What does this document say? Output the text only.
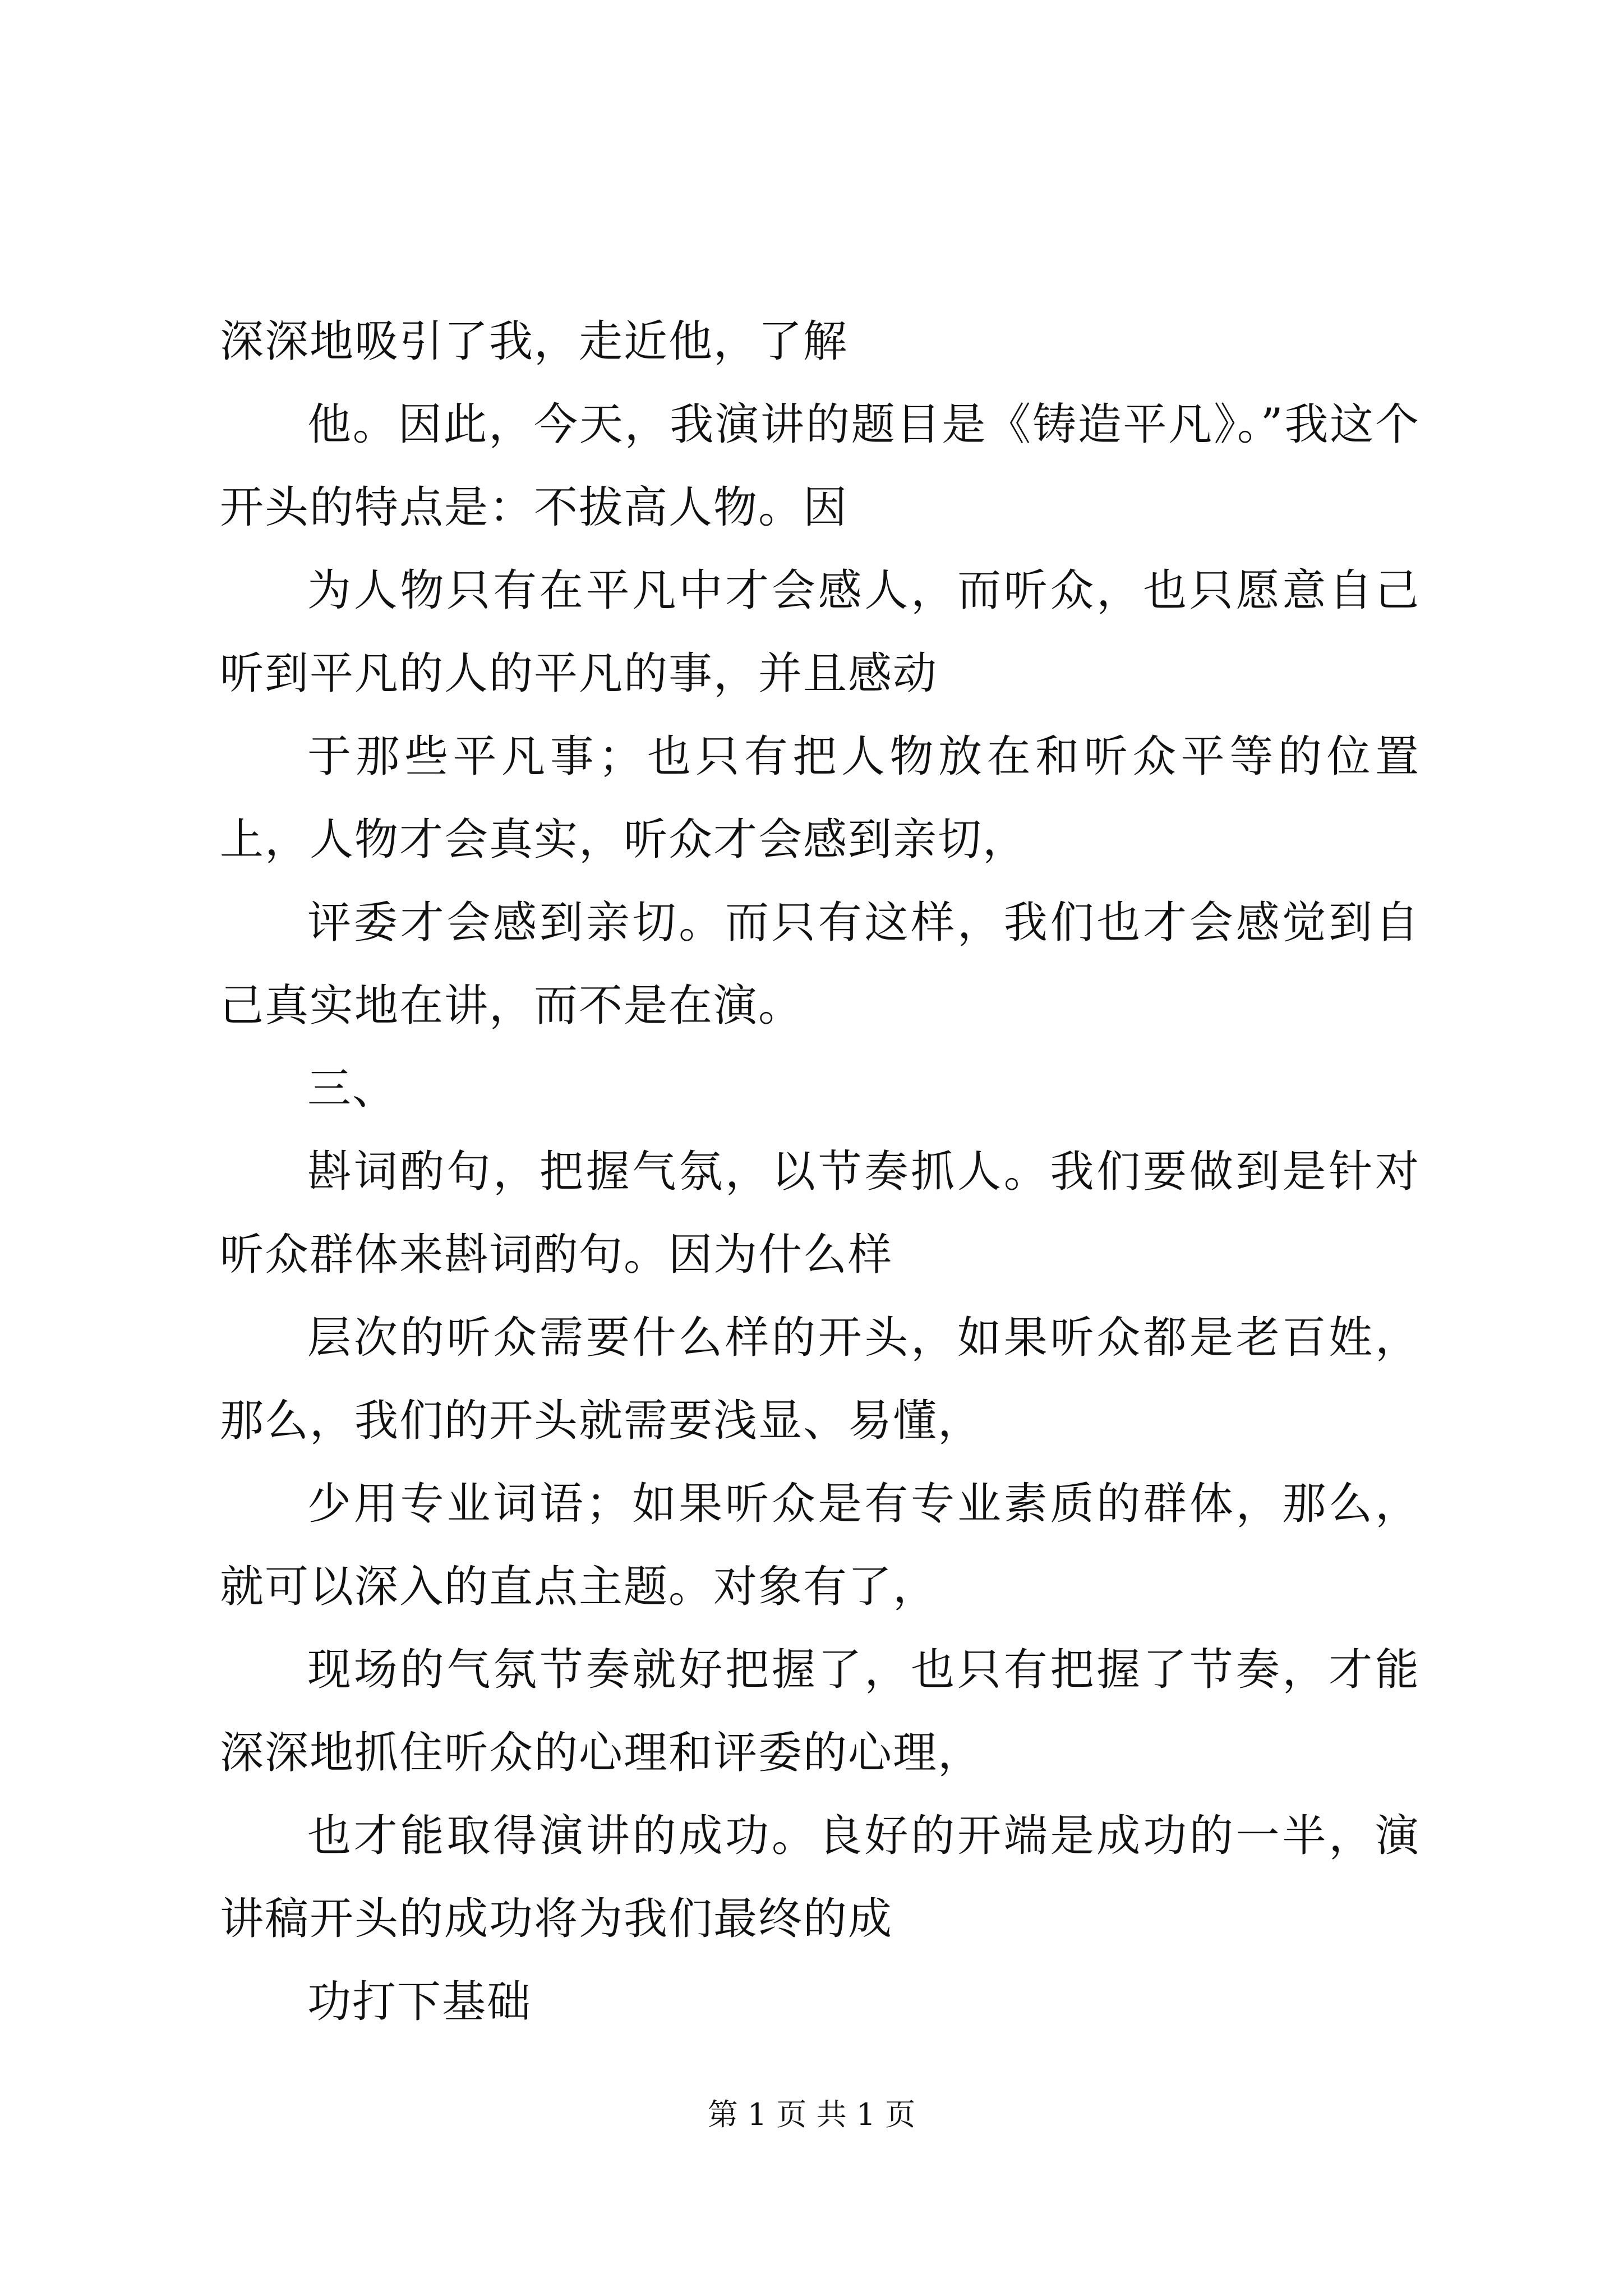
深深地吸引了我，走近他，了解

他。因此，今天，我演讲的题目是《铸造平凡》。”我这个开头的特点是：不拔高人物。因

为人物只有在平凡中才会感人，而听众，也只愿意自己听到平凡的人的平凡的事，并且感动

于那些平凡事；也只有把人物放在和听众平等的位置上，人物才会真实，听众才会感到亲切，

评委才会感到亲切。而只有这样，我们也才会感觉到自己真实地在讲，而不是在演。

三、

斟词酌句，把握气氛，以节奏抓人。我们要做到是针对听众群体来斟词酌句。因为什么样

层次的听众需要什么样的开头，如果听众都是老百姓，那么，我们的开头就需要浅显、易懂，

少用专业词语；如果听众是有专业素质的群体，那么，就可以深入的直点主题。对象有了，

现场的气氛节奏就好把握了，也只有把握了节奏，才能深深地抓住听众的心理和评委的心理，

也才能取得演讲的成功。良好的开端是成功的一半，演讲稿开头的成功将为我们最终的成

功打下基础

第 1 页 共 1 页
